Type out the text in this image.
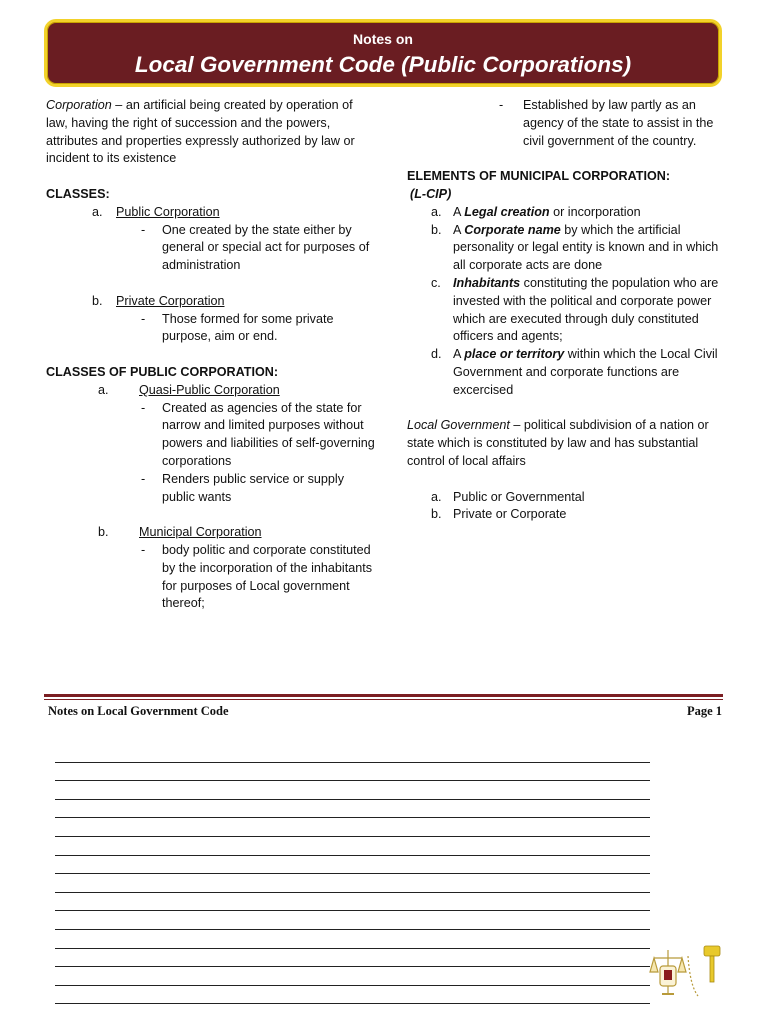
Notes on
Local Government Code (Public Corporations)

Corporation – an artificial being created by operation of law, having the right of succession and the powers, attributes and properties expressly authorized by law or incident to its existence

CLASSES:

a. Public Corporation
- One created by the state either by general or special act for purposes of administration
b. Private Corporation
- Those formed for some private purpose, aim or end.

CLASSES OF PUBLIC CORPORATION:

a. Quasi-Public Corporation
- Created as agencies of the state for narrow and limited purposes without powers and liabilities of self-governing corporations
- Renders public service or supply public wants
b. Municipal Corporation
- body politic and corporate constituted by the incorporation of the inhabitants for purposes of Local government thereof;
- Established by law partly as an agency of the state to assist in the civil government of the country.

ELEMENTS OF MUNICIPAL CORPORATION:

(L-CIP)

a. A Legal creation or incorporation
b. A Corporate name by which the artificial personality or legal entity is known and in which all corporate acts are done
c. Inhabitants constituting the population who are invested with the political and corporate power which are executed through duly constituted officers and agents;
d. A place or territory within which the Local Civil Government and corporate functions are excercised

Local Government – political subdivision of a nation or state which is constituted by law and has substantial control of local affairs

a. Public or Governmental
b. Private or Corporate
Notes on Local Government Code	Page 1
